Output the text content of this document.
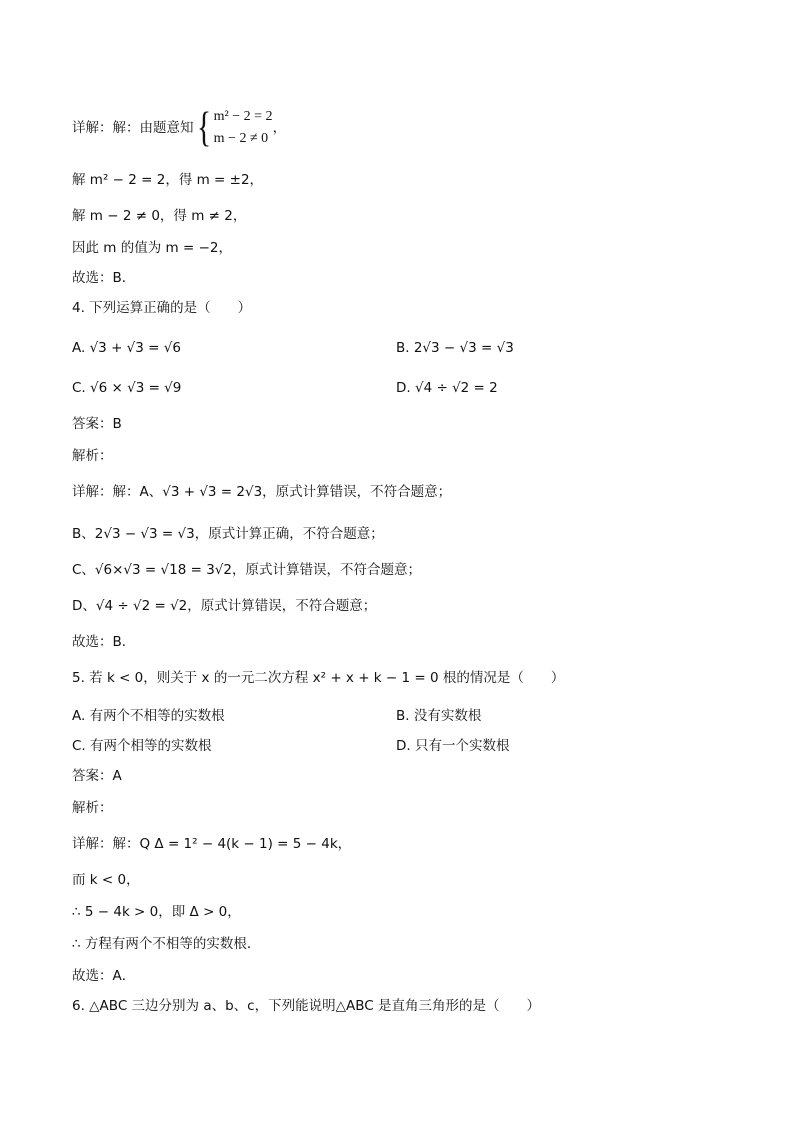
详解：解：由题意知{ m² − 2 = 2
m − 2 ≠ 0
，
解 m² − 2 = 2，得 m = ±2，
解 m − 2 ≠ 0，得 m ≠ 2，
因此 m 的值为 m = −2，
故选：B．
4. 下列运算正确的是（　　）
A. √3 + √3 = √6	B. 2√3 − √3 = √3
C. √6 × √3 = √9	D. √4 ÷ √2 = 2
答案：B
解析：
详解：解：A、√3 + √3 = 2√3，原式计算错误，不符合题意；
B、2√3 − √3 = √3，原式计算正确，不符合题意；
C、√6×√3 = √18 = 3√2，原式计算错误，不符合题意；
D、√4 ÷ √2 = √2，原式计算错误，不符合题意；
故选：B．
5. 若 k < 0，则关于 x 的一元二次方程 x² + x + k − 1 = 0 根的情况是（　　）
A. 有两个不相等的实数根	B. 没有实数根
C. 有两个相等的实数根	D. 只有一个实数根
答案：A
解析：
详解：解：Q Δ = 1² − 4(k − 1) = 5 − 4k，
而 k < 0，
∴ 5 − 4k > 0，即 Δ > 0，
∴ 方程有两个不相等的实数根．
故选：A．
6. △ABC 三边分别为 a、b、c，下列能说明△ABC 是直角三角形的是（　　）
